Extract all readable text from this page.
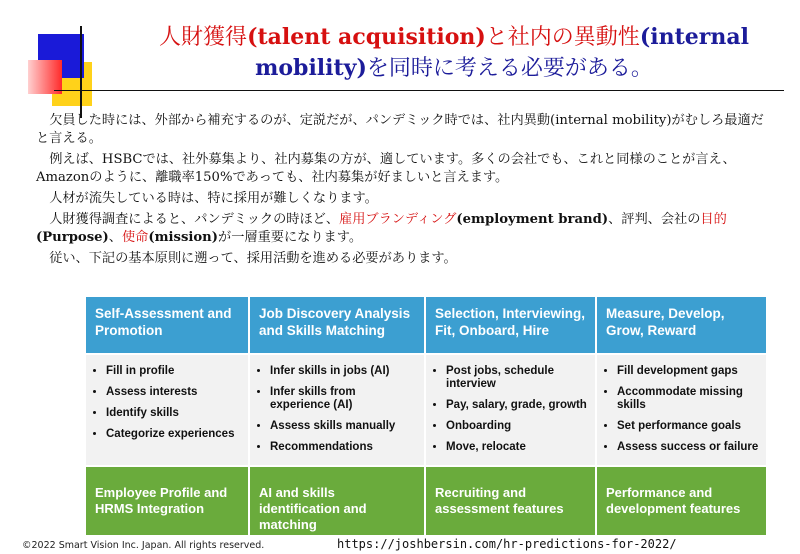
人財獲得(talent acquisition)と社内の異動性(internal
mobility)を同時に考える必要がある。

欠員した時には、外部から補充するのが、定説だが、パンデミック時では、社内異動(internal mobility)がむしろ最適だと言える。

例えば、HSBCでは、社外募集より、社内募集の方が、適しています。多くの会社でも、これと同様のことが言え、Amazonのように、離職率150%であっても、社内募集が好ましいと言えます。

人材が流失している時は、特に採用が難しくなります。

人財獲得調査によると、パンデミックの時ほど、雇用ブランディング(employment brand)、評判、会社の目的(Purpose)、使命(mission)が一層重要になります。

従い、下記の基本原則に遡って、採用活動を進める必要があります。

Self-Assessment and Promotion
Job Discovery Analysis and Skills Matching
Selection, Interviewing, Fit, Onboard, Hire
Measure, Develop, Grow, Reward
• Fill in profile
• Assess interests
• Identify skills
• Categorize experiences
• Infer skills in jobs (AI)
• Infer skills from experience (AI)
• Assess skills manually
• Recommendations
• Post jobs, schedule interview
• Pay, salary, grade, growth
• Onboarding
• Move, relocate
• Fill development gaps
• Accommodate missing skills
• Set performance goals
• Assess success or failure
Employee Profile and HRMS Integration
AI and skills identification and matching
Recruiting and assessment features
Performance and development features
©2022 Smart Vision Inc. Japan. All rights reserved.	https://joshbersin.com/hr-predictions-for-2022/
